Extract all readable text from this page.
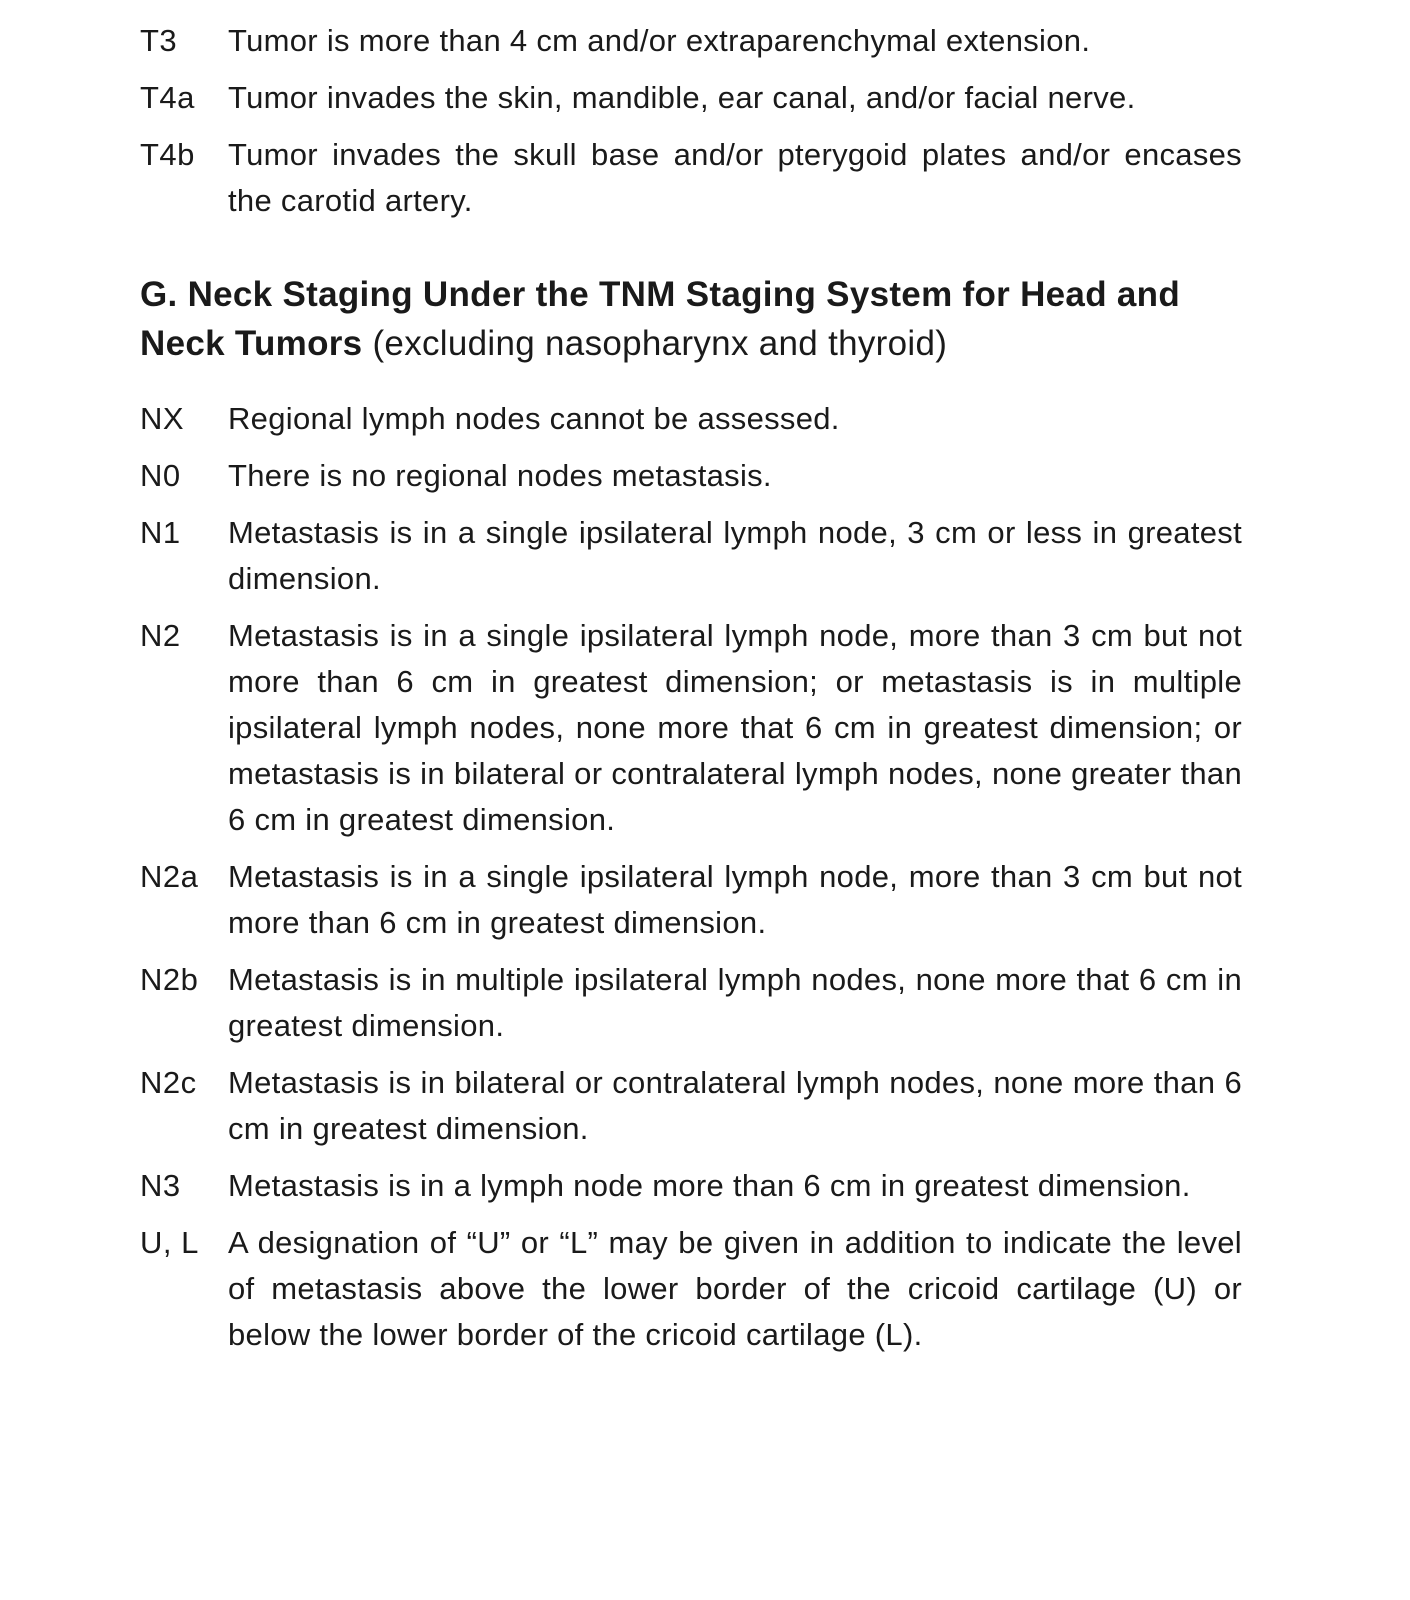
T3	Tumor is more than 4 cm and/or extraparenchymal extension.
T4a	Tumor invades the skin, mandible, ear canal, and/or facial nerve.
T4b	Tumor invades the skull base and/or pterygoid plates and/or encases the carotid artery.
G. Neck Staging Under the TNM Staging System for Head and Neck Tumors (excluding nasopharynx and thyroid)
NX	Regional lymph nodes cannot be assessed.
N0	There is no regional nodes metastasis.
N1	Metastasis is in a single ipsilateral lymph node, 3 cm or less in greatest dimension.
N2	Metastasis is in a single ipsilateral lymph node, more than 3 cm but not more than 6 cm in greatest dimension; or metastasis is in multiple ipsilateral lymph nodes, none more that 6 cm in greatest dimension; or metastasis is in bilateral or contralateral lymph nodes, none greater than 6 cm in greatest dimension.
N2a Metastasis is in a single ipsilateral lymph node, more than 3 cm but not more than 6 cm in greatest dimension.
N2b Metastasis is in multiple ipsilateral lymph nodes, none more that 6 cm in greatest dimension.
N2c	Metastasis is in bilateral or contralateral lymph nodes, none more than 6 cm in greatest dimension.
N3	Metastasis is in a lymph node more than 6 cm in greatest dimension.
U, L A designation of “U” or “L” may be given in addition to indicate the level of metastasis above the lower border of the cricoid cartilage (U) or below the lower border of the cricoid cartilage (L).
